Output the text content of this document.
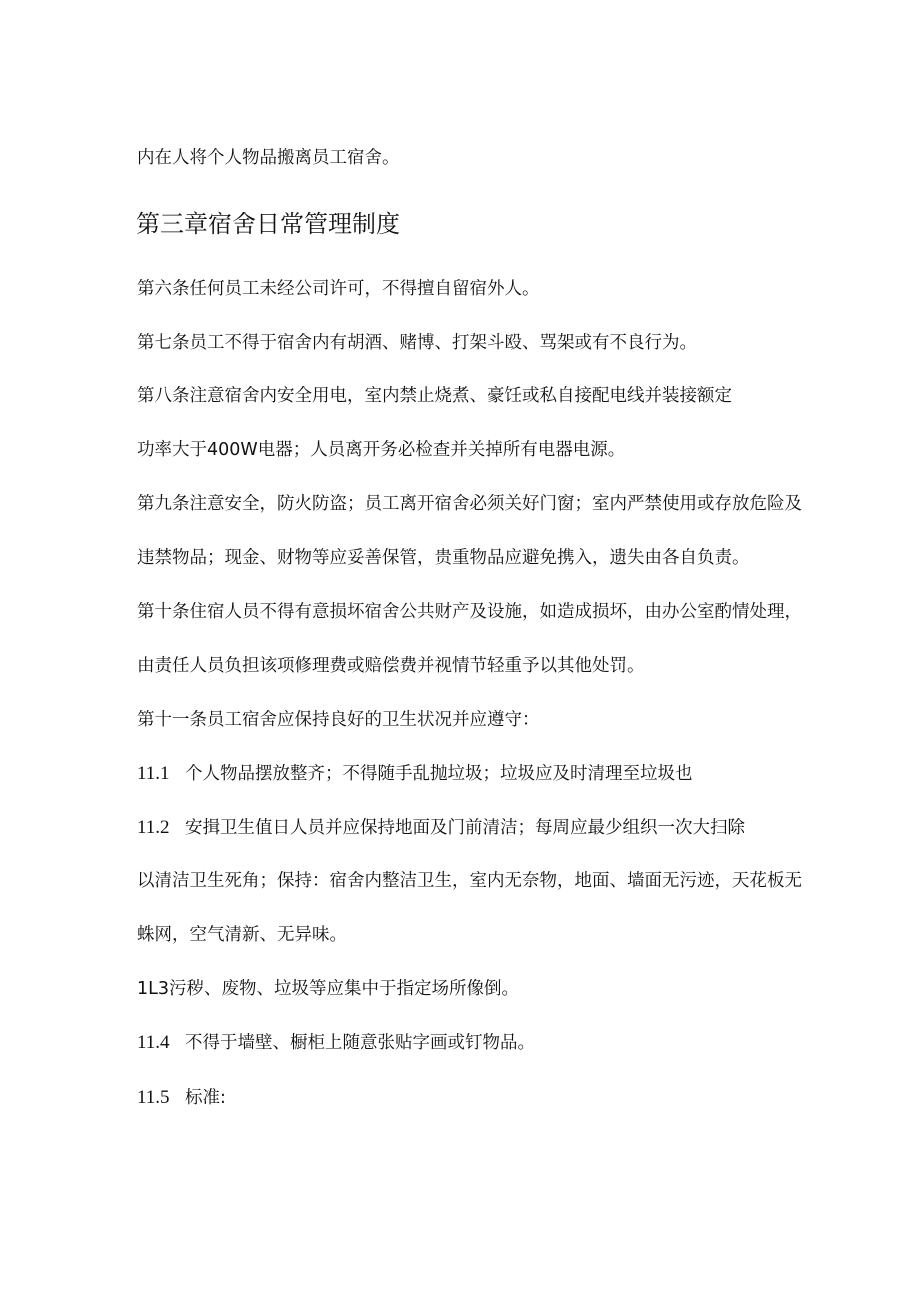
内在人将个人物品搬离员工宿舍。
第三章宿舍日常管理制度
第六条任何员工未经公司许可，不得擅自留宿外人。
第七条员工不得于宿舍内有胡酒、赌博、打架斗殴、骂架或有不良行为。
第八条注意宿舍内安全用电，室内禁止烧煮、豪饪或私自接配电线并装接额定
功率大于400W电器；人员离开务必检查并关掉所有电器电源。
第九条注意安全，防火防盗；员工离开宿舍必须关好门窗；室内严禁使用或存放危险及
违禁物品；现金、财物等应妥善保管，贵重物品应避免携入，遗失由各自负责。
第十条住宿人员不得有意损坏宿舍公共财产及设施，如造成损坏，由办公室酌情处理，
由责任人员负担该项修理费或赔偿费并视情节轻重予以其他处罚。
第十一条员工宿舍应保持良好的卫生状况并应遵守：
11.1 个人物品摆放整齐；不得随手乱抛垃圾；垃圾应及时清理至垃圾也
11.2 安揖卫生值日人员并应保持地面及门前清洁；每周应最少组织一次大扫除
以清洁卫生死角；保持：宿舍内整洁卫生，室内无奈物，地面、墙面无污迹，天花板无
蛛网，空气清新、无异味。
1L3污秽、废物、垃圾等应集中于指定场所像倒。
11.4 不得于墙壁、橱柜上随意张贴字画或钉物品。
11.5 标准:
